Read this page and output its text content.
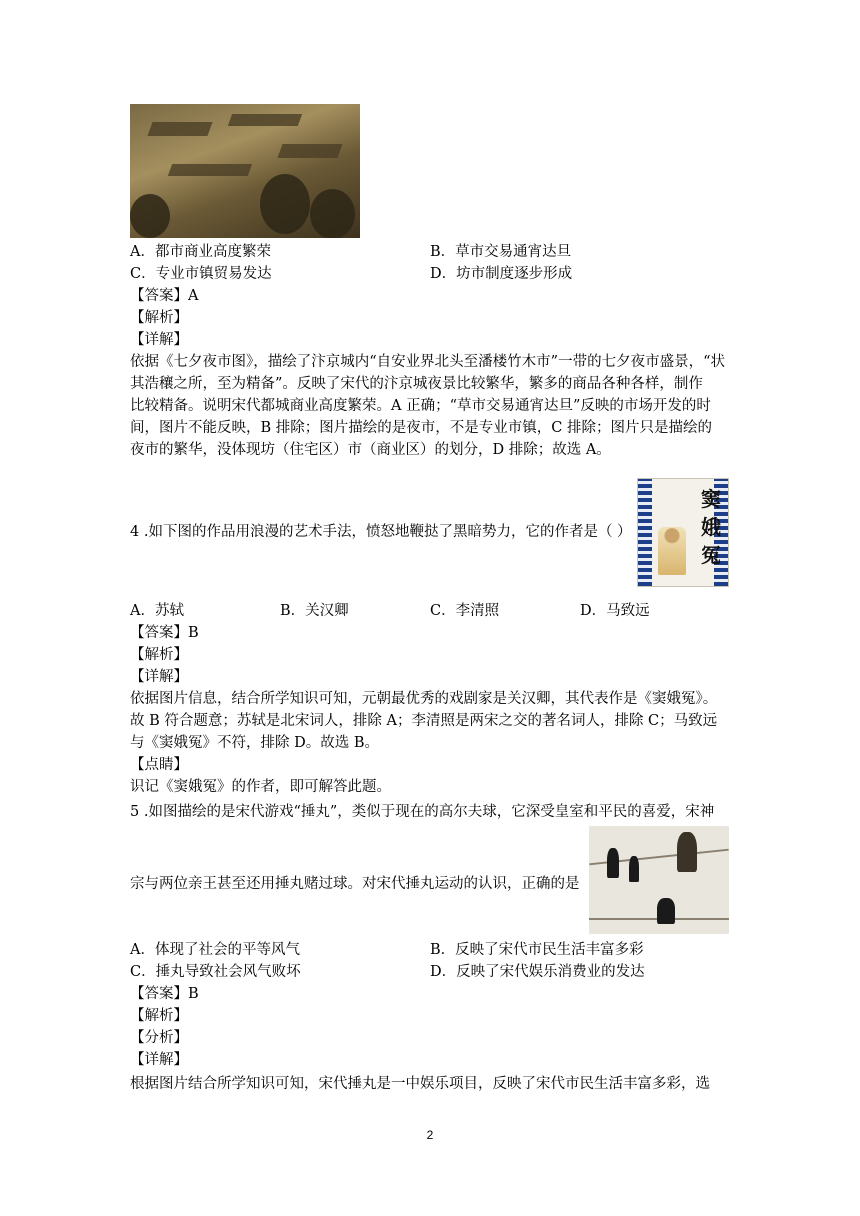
A．都市商业高度繁荣	B．草市交易通宵达旦
C．专业市镇贸易发达	D．坊市制度逐步形成
【答案】A
【解析】
【详解】
依据《七夕夜市图》，描绘了汴京城内“自安业界北头至潘楼竹木市”一带的七夕夜市盛景，“状
其浩穰之所，至为精备”。反映了宋代的汴京城夜景比较繁华，繁多的商品各种各样，制作
比较精备。说明宋代都城商业高度繁荣。A 正确；“草市交易通宵达旦”反映的市场开发的时
间，图片不能反映，B 排除；图片描绘的是夜市，不是专业市镇，C 排除；图片只是描绘的
夜市的繁华，没体现坊（住宅区）市（商业区）的划分，D 排除；故选 A。
4 .如下图的作品用浪漫的艺术手法，愤怒地鞭挞了黑暗势力，它的作者是（ ）
窦娥冤
A．苏轼	B．关汉卿	C．李清照	D．马致远
【答案】B
【解析】
【详解】
依据图片信息，结合所学知识可知，元朝最优秀的戏剧家是关汉卿，其代表作是《窦娥冤》。
故 B 符合题意；苏轼是北宋词人，排除 A；李清照是两宋之交的著名词人，排除 C；马致远
与《窦娥冤》不符，排除 D。故选 B。
【点睛】
识记《窦娥冤》的作者，即可解答此题。
5 .如图描绘的是宋代游戏“捶丸”，类似于现在的高尔夫球，它深受皇室和平民的喜爱，宋神
宗与两位亲王甚至还用捶丸赌过球。对宋代捶丸运动的认识，正确的是
A．体现了社会的平等风气	B．反映了宋代市民生活丰富多彩
C．捶丸导致社会风气败坏	D．反映了宋代娱乐消费业的发达
【答案】B
【解析】
【分析】
【详解】
根据图片结合所学知识可知，宋代捶丸是一中娱乐项目，反映了宋代市民生活丰富多彩，选
2
